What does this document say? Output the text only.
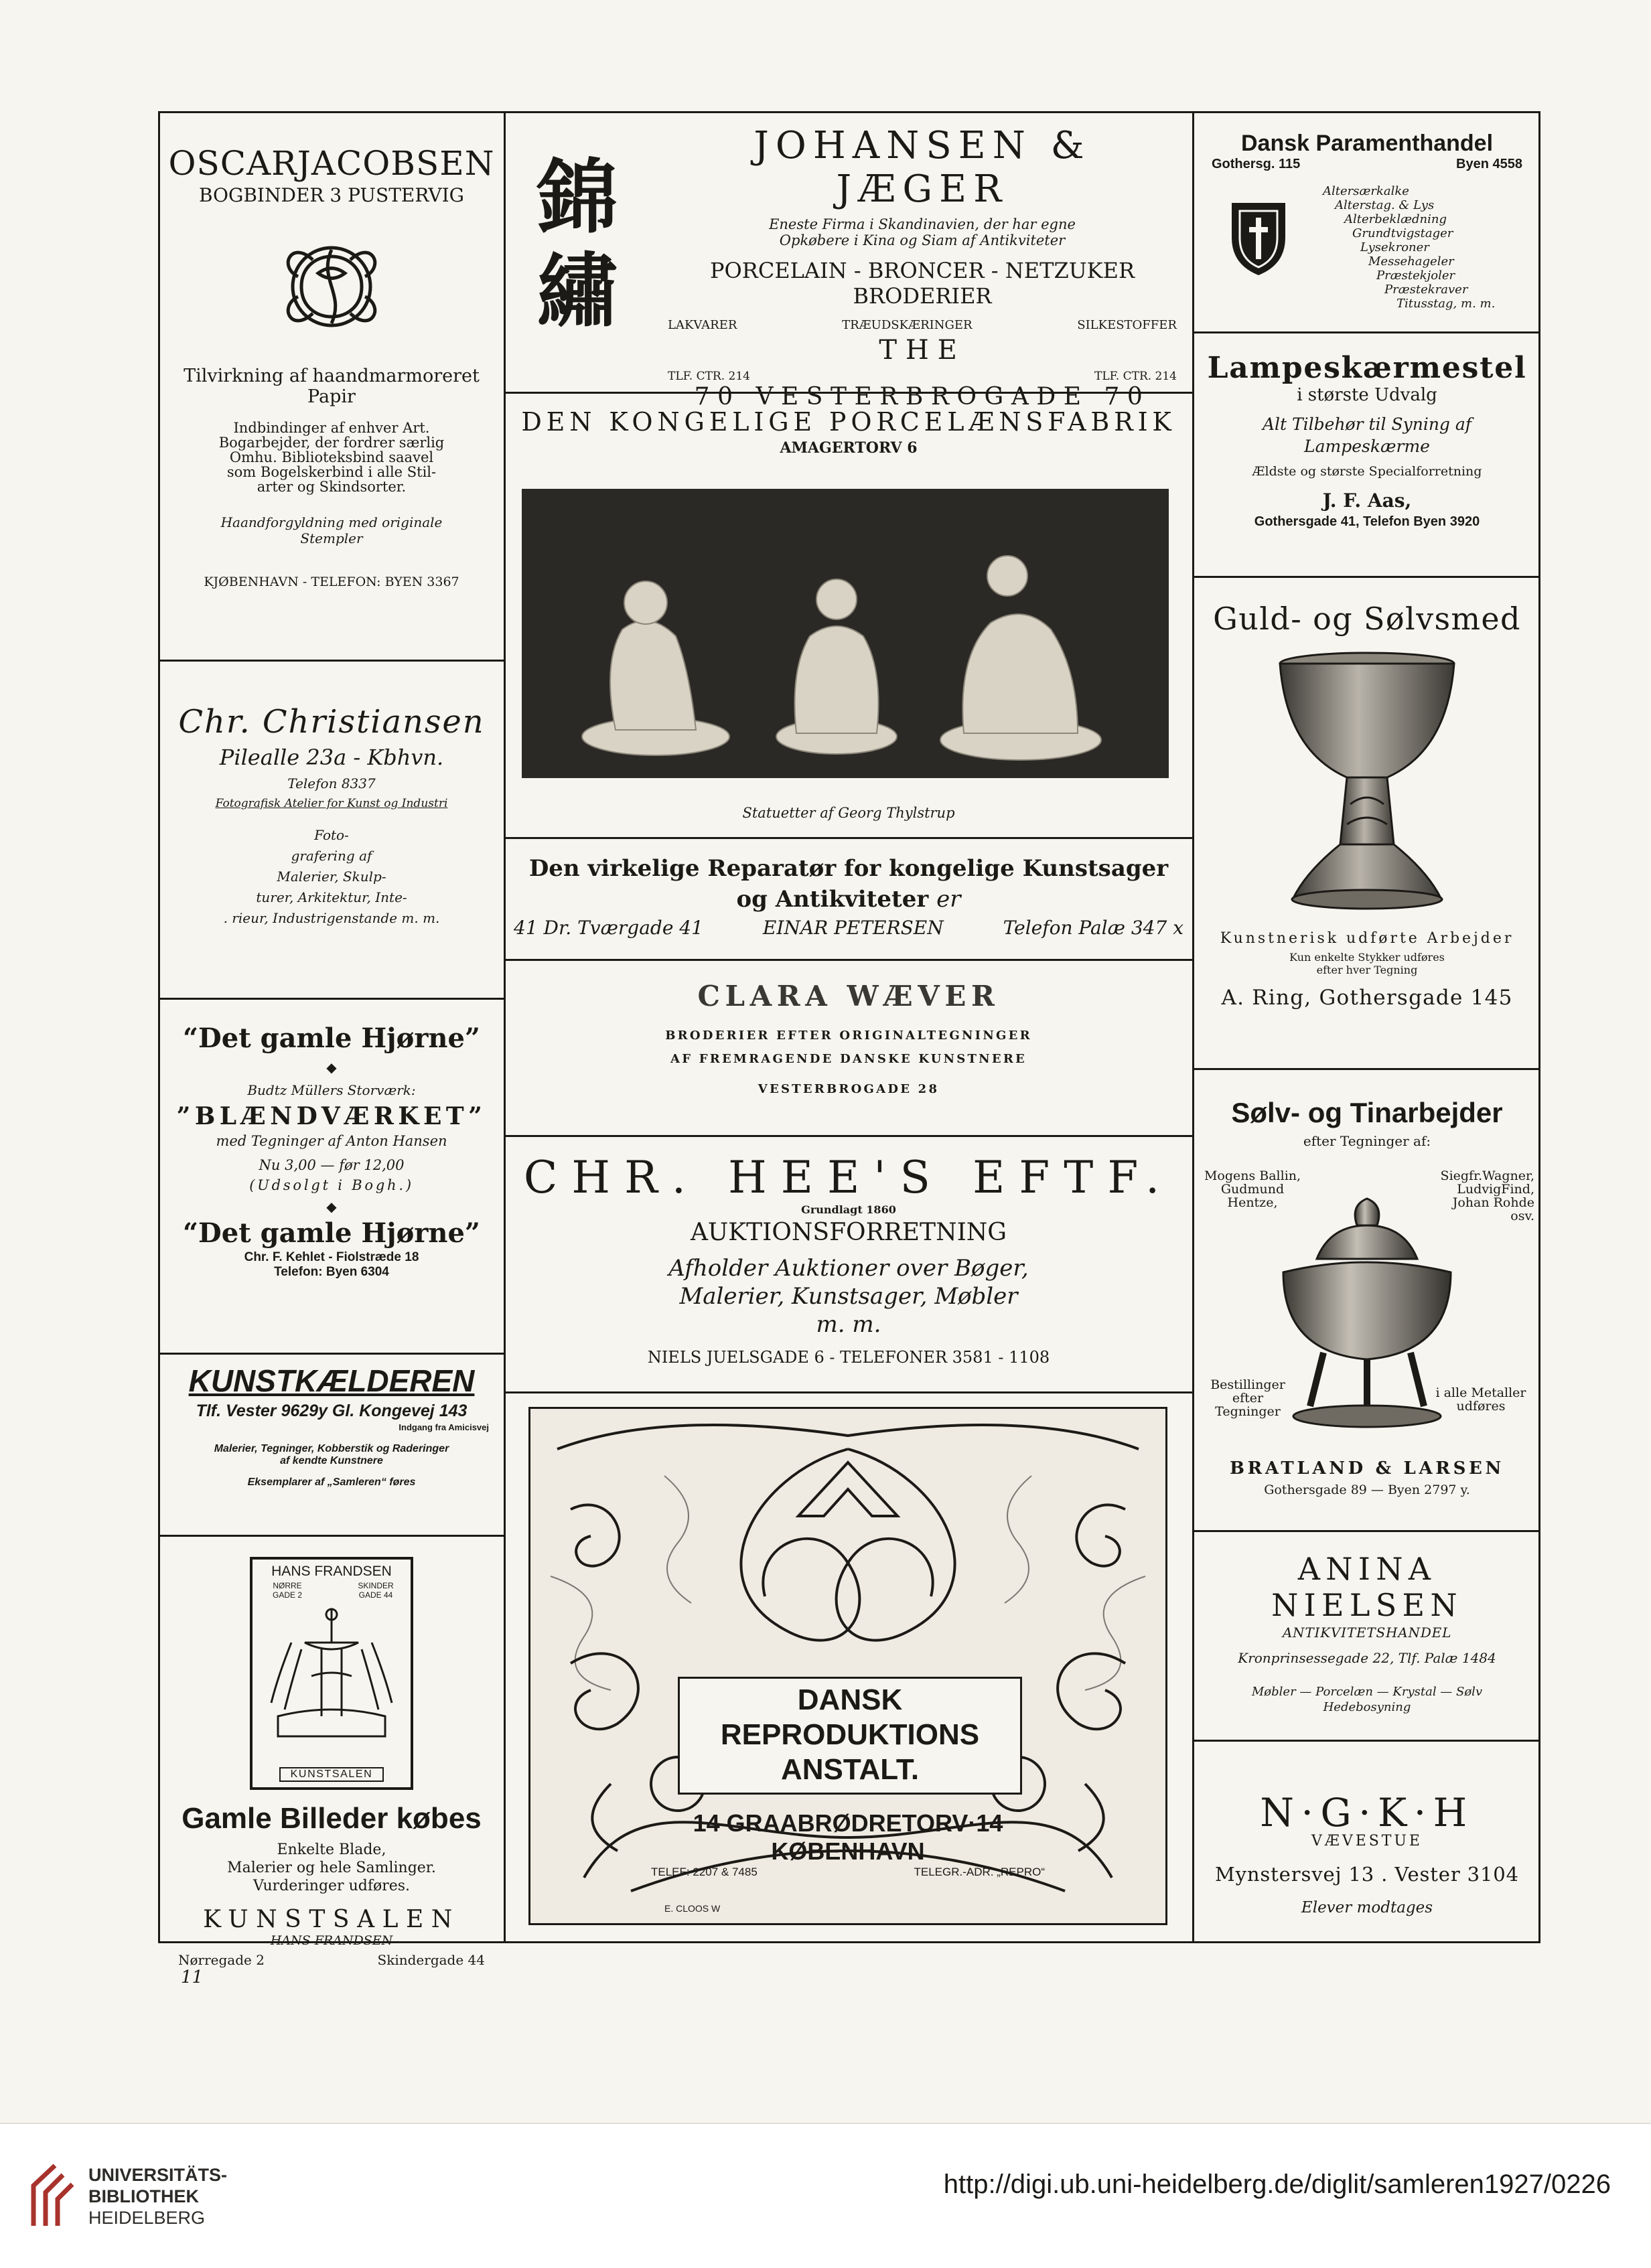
OSCARJACOBSEN
BOGBINDER 3 PUSTERVIG
Tilvirkning af haandmarmoreret
Papir
Indbindinger af enhver Art.
Bogarbejder, der fordrer særlig
Omhu. Biblioteksbind saavel
som Bogelskerbind i alle Stil-
arter og Skindsorter.
Haandforgyldning med originale
Stempler
KJØBENHAVN - TELEFON: BYEN 3367
Chr. Christiansen
Pilealle 23a - Kbhvn.
Telefon 8337
Fotografisk Atelier for Kunst og Industri
Foto-
grafering af
Malerier, Skulp-
turer, Arkitektur, Inte-
. rieur, Industrigenstande m. m.
“Det gamle Hjørne”
◆
Budtz Müllers Storværk:
”BLÆNDVÆRKET”
med Tegninger af Anton Hansen
Nu 3,00 — før 12,00
(Udsolgt i Bogh.)
◆
“Det gamle Hjørne”
Chr. F. Kehlet - Fiolstræde 18
Telefon: Byen 6304
KUNSTKÆLDEREN
Tlf. Vester 9629y Gl. Kongevej 143
Indgang fra Amicisvej
Malerier, Tegninger, Kobberstik og Raderinger
af kendte Kunstnere
Eksemplarer af „Samleren“ føres
HANS FRANDSEN
NØRRE GADE 2
SKINDER GADE 44
KUNSTSALEN
Gamle Billeder købes
Enkelte Blade,
Malerier og hele Samlinger.
Vurderinger udføres.
KUNSTSALEN
HANS FRANDSEN
Nørregade 2	Skindergade 44
錦
繡
JOHANSEN & JÆGER
Eneste Firma i Skandinavien, der har egne
Opkøbere i Kina og Siam af Antikviteter
PORCELAIN - BRONCER - NETZUKER
BRODERIER
LAKVARER	TRÆUDSKÆRINGER	SILKESTOFFER
THE
TLF. CTR. 214	TLF. CTR. 214
70 VESTERBROGADE 70
DEN KONGELIGE PORCELÆNSFABRIK
AMAGERTORV 6
Statuetter af Georg Thylstrup
Den virkelige Reparatør for kongelige Kunstsager
og Antikviteter er
41 Dr. Tværgade 41	EINAR PETERSEN	Telefon Palæ 347 x
CLARA WÆVER
BRODERIER EFTER ORIGINALTEGNINGER
AF FREMRAGENDE DANSKE KUNSTNERE
VESTERBROGADE 28
CHR. HEE'S EFTF.
Grundlagt 1860
AUKTIONSFORRETNING
Afholder Auktioner over Bøger,
Malerier, Kunstsager, Møbler
m. m.
NIELS JUELSGADE 6 - TELEFONER 3581 - 1108
DANSK
REPRODUKTIONS
ANSTALT.
14 GRAABRØDRETORV·14
KØBENHAVN
TELEF: 2207 & 7485	TELEGR.-ADR. „REPRO“
E. CLOOS W
Dansk Paramenthandel
Gothersg. 115	Byen 4558
Altersærkalke
Alterstag. & Lys
Alterbeklædning
Grundtvigstager
Lysekroner
Messehageler
Præstekjoler
Præstekraver
Titusstag, m. m.
Lampeskærmestel
i største Udvalg
Alt Tilbehør til Syning af
Lampeskærme
Ældste og største Specialforretning
J. F. Aas,
Gothersgade 41, Telefon Byen 3920
Guld- og Sølvsmed
Kunstnerisk udførte Arbejder
Kun enkelte Stykker udføres
efter hver Tegning
A. Ring, Gothersgade 145
Sølv- og Tinarbejder
efter Tegninger af:
Mogens Ballin,
Gudmund
Hentze,
Siegfr.Wagner,
LudvigFind,
Johan Rohde
osv.
Bestillinger
efter
Tegninger
i alle Metaller
udføres
BRATLAND & LARSEN
Gothersgade 89 — Byen 2797 y.
ANINA NIELSEN
ANTIKVITETSHANDEL
Kronprinsessegade 22, Tlf. Palæ 1484
Møbler — Porcelæn — Krystal — Sølv
Hedebosyning
N·G·K·H
VÆVESTUE
Mynstersvej 13 . Vester 3104
Elever modtages
11
UNIVERSITÄTS-
BIBLIOTHEK
HEIDELBERG
http://digi.ub.uni-heidelberg.de/diglit/samleren1927/0226
